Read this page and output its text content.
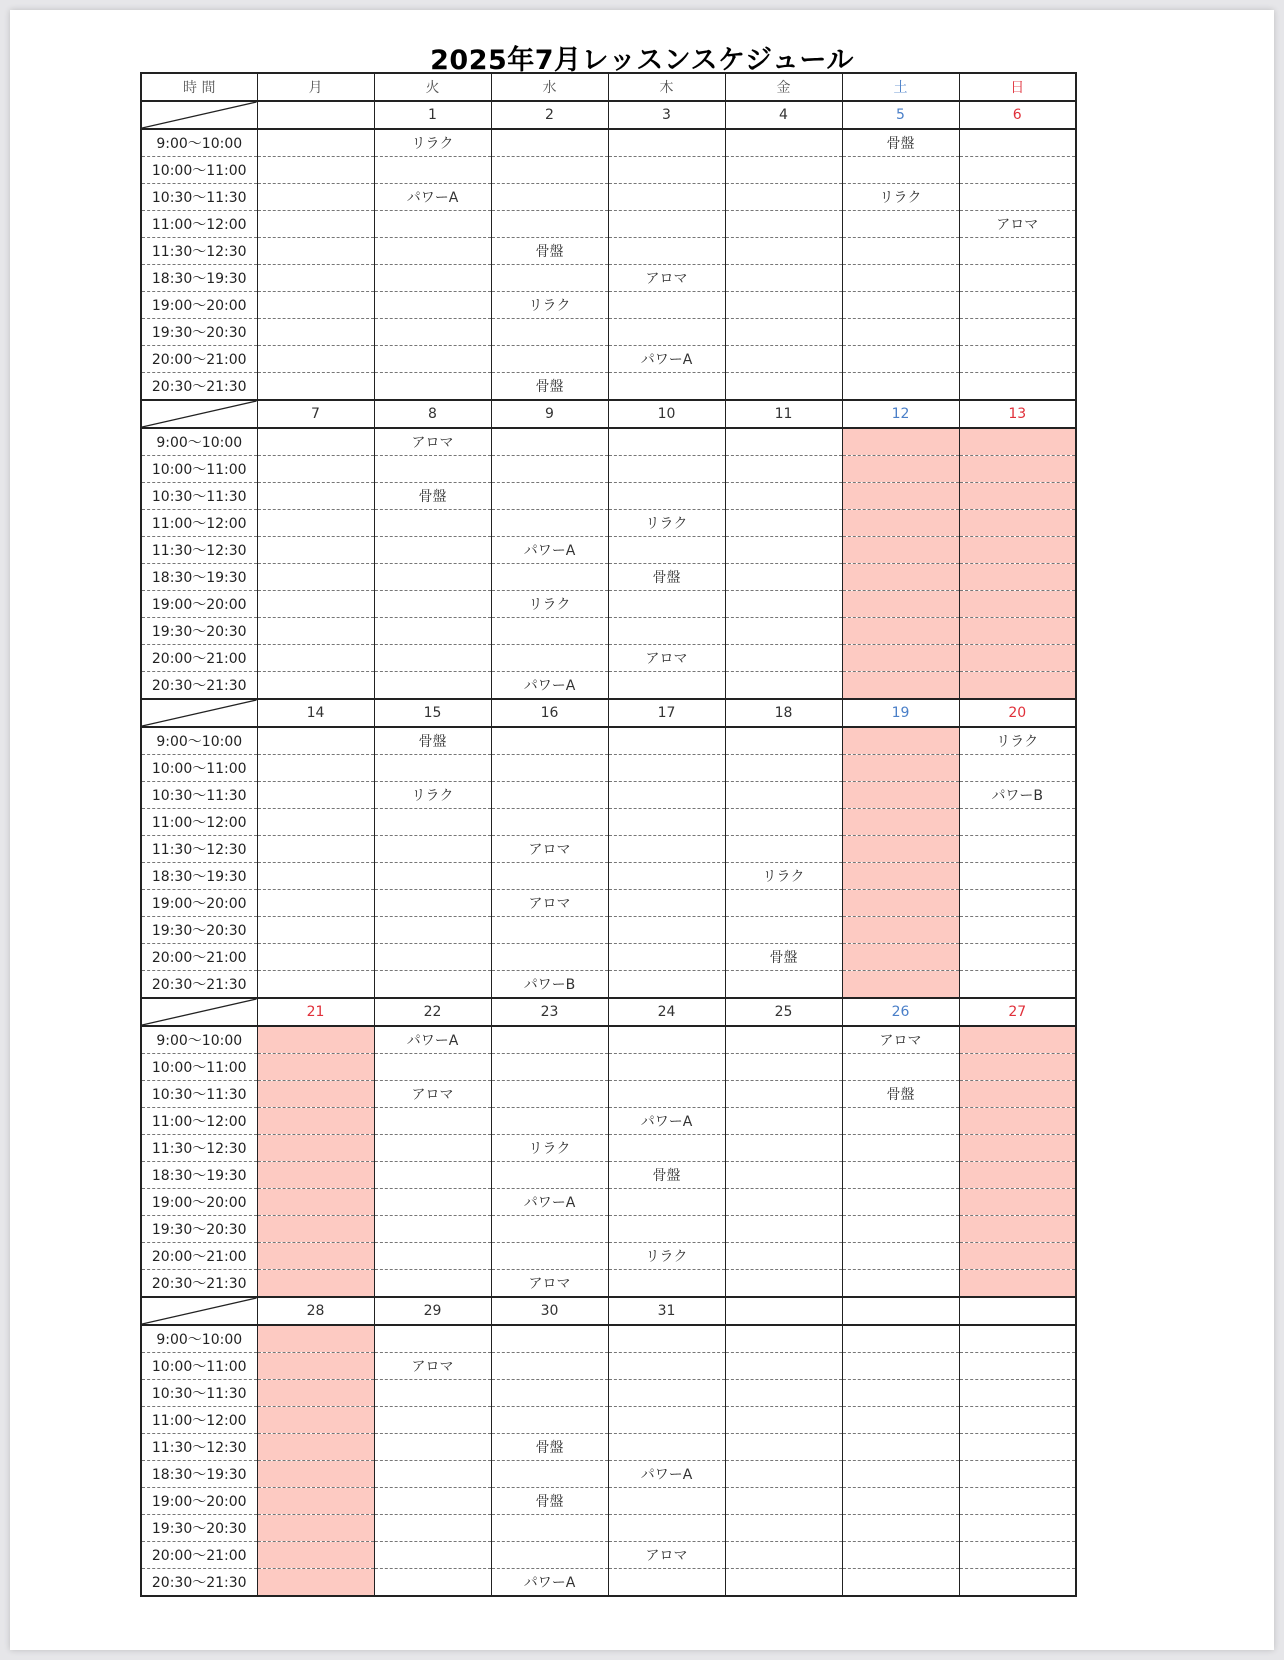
2025年7月レッスンスケジュール
時 間	月	火	水	木	金	土	日

		1	2	3	4	5	6
9:00〜10:00		リラク				骨盤	
10:00〜11:00							
10:30〜11:30		パワーA				リラク	
11:00〜12:00							アロマ
11:30〜12:30			骨盤				
18:30〜19:30				アロマ			
19:00〜20:00			リラク				
19:30〜20:30							
20:00〜21:00				パワーA			
20:30〜21:30			骨盤				

	7	8	9	10	11	12	13
9:00〜10:00		アロマ					
10:00〜11:00							
10:30〜11:30		骨盤					
11:00〜12:00				リラク			
11:30〜12:30			パワーA				
18:30〜19:30				骨盤			
19:00〜20:00			リラク				
19:30〜20:30							
20:00〜21:00				アロマ			
20:30〜21:30			パワーA				

	14	15	16	17	18	19	20
9:00〜10:00		骨盤					リラク
10:00〜11:00							
10:30〜11:30		リラク					パワーB
11:00〜12:00							
11:30〜12:30			アロマ				
18:30〜19:30					リラク		
19:00〜20:00			アロマ				
19:30〜20:30							
20:00〜21:00					骨盤		
20:30〜21:30			パワーB				

	21	22	23	24	25	26	27
9:00〜10:00		パワーA				アロマ	
10:00〜11:00							
10:30〜11:30		アロマ				骨盤	
11:00〜12:00				パワーA			
11:30〜12:30			リラク				
18:30〜19:30				骨盤			
19:00〜20:00			パワーA				
19:30〜20:30							
20:00〜21:00				リラク			
20:30〜21:30			アロマ				

	28	29	30	31			
9:00〜10:00							
10:00〜11:00		アロマ					
10:30〜11:30							
11:00〜12:00							
11:30〜12:30			骨盤				
18:30〜19:30				パワーA			
19:00〜20:00			骨盤				
19:30〜20:30							
20:00〜21:00				アロマ			
20:30〜21:30			パワーA				
